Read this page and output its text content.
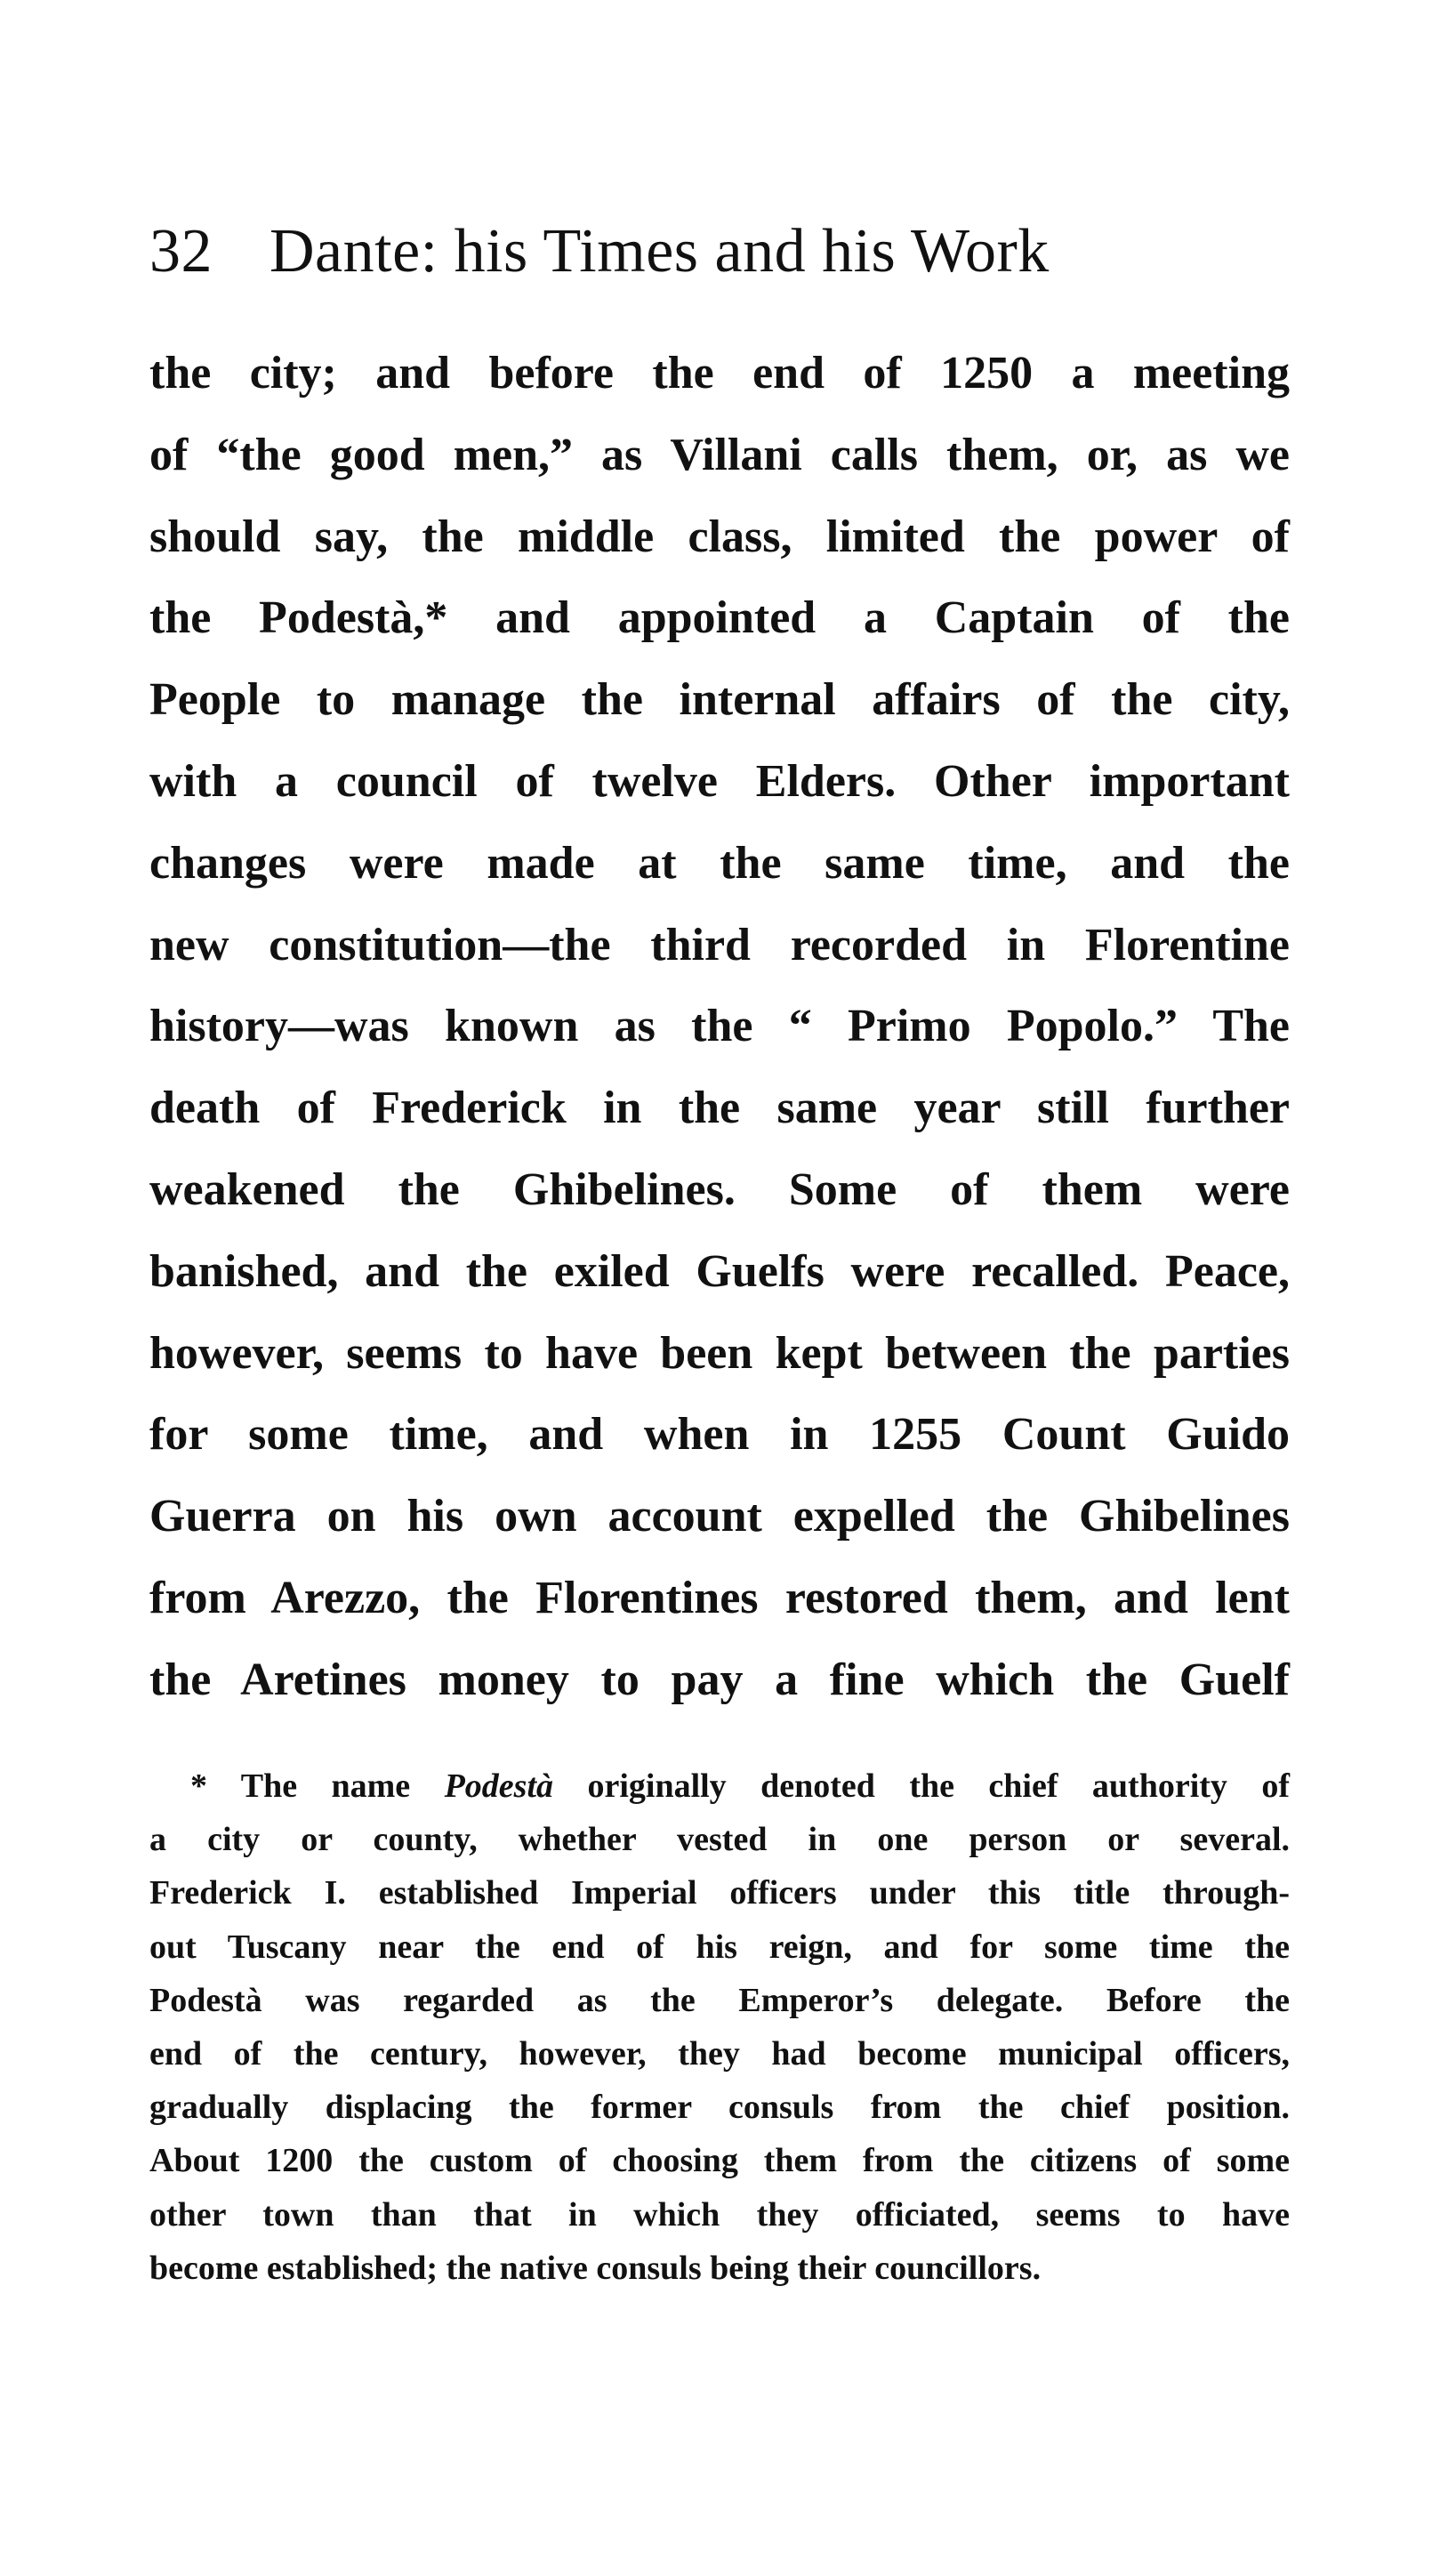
32 Dante: his Times and his Work
the city; and before the end of 1250 a meeting
of “the good men,” as Villani calls them, or, as we
should say, the middle class, limited the power of
the Podestà,* and appointed a Captain of the
People to manage the internal affairs of the city,
with a council of twelve Elders. Other important
changes were made at the same time, and the
new constitution—the third recorded in Florentine
history—was known as the “ Primo Popolo.” The
death of Frederick in the same year still further
weakened the Ghibelines. Some of them were
banished, and the exiled Guelfs were recalled. Peace,
however, seems to have been kept between the parties
for some time, and when in 1255 Count Guido
Guerra on his own account expelled the Ghibelines
from Arezzo, the Florentines restored them, and lent
the Aretines money to pay a fine which the Guelf
* The name Podestà originally denoted the chief authority of
a city or county, whether vested in one person or several.
Frederick I. established Imperial officers under this title through-
out Tuscany near the end of his reign, and for some time the
Podestà was regarded as the Emperor’s delegate. Before the
end of the century, however, they had become municipal officers,
gradually displacing the former consuls from the chief position.
About 1200 the custom of choosing them from the citizens of some
other town than that in which they officiated, seems to have
become established; the native consuls being their councillors.
